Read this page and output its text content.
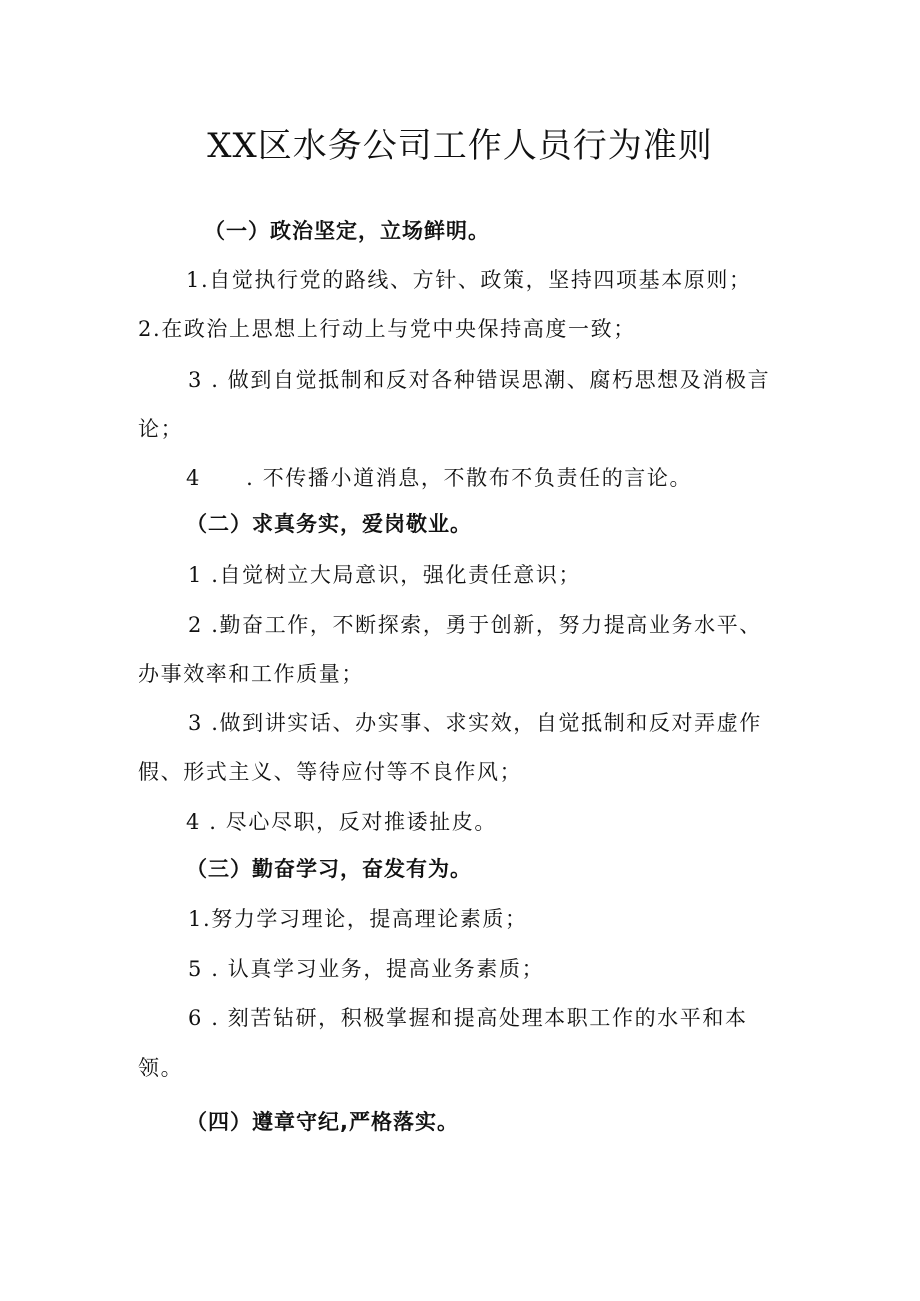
XX区水务公司工作人员行为准则
（一）政治坚定，立场鲜明。
1.自觉执行党的路线、方针、政策，坚持四项基本原则；
2.在政治上思想上行动上与党中央保持高度一致；
3 . 做到自觉抵制和反对各种错误思潮、腐朽思想及消极言
论；
4　　. 不传播小道消息，不散布不负责任的言论。
（二）求真务实，爱岗敬业。
1 .自觉树立大局意识，强化责任意识；
2 .勤奋工作，不断探索，勇于创新，努力提高业务水平、
办事效率和工作质量；
3 .做到讲实话、办实事、求实效，自觉抵制和反对弄虚作
假、形式主义、等待应付等不良作风；
4 . 尽心尽职，反对推诿扯皮。
（三）勤奋学习，奋发有为。
1.努力学习理论，提高理论素质；
5 . 认真学习业务，提高业务素质；
6 . 刻苦钻研，积极掌握和提高处理本职工作的水平和本
领。
（四）遵章守纪,严格落实。
